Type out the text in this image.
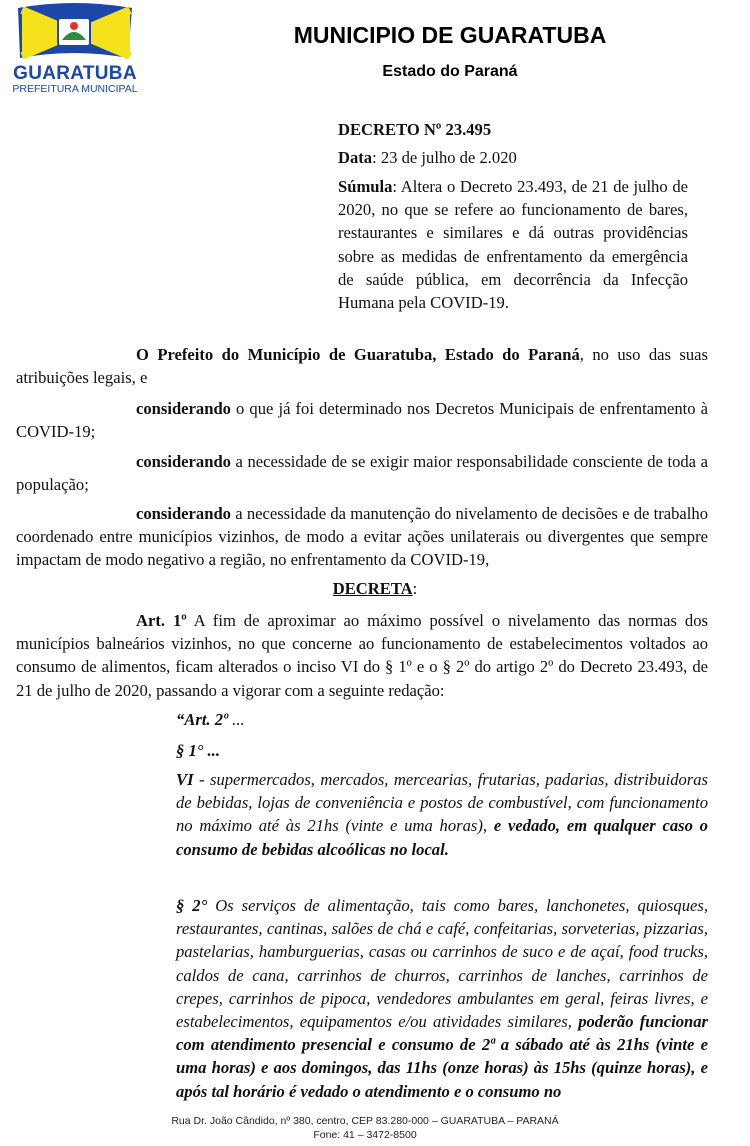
GUARATUBA
PREFEITURA MUNICIPAL
MUNICIPIO DE GUARATUBA
Estado do Paraná
DECRETO Nº 23.495
Data: 23 de julho de 2.020
Súmula: Altera o Decreto 23.493, de 21 de julho de 2020, no que se refere ao funcionamento de bares, restaurantes e similares e dá outras providências sobre as medidas de enfrentamento da emergência de saúde pública, em decorrência da Infecção Humana pela COVID-19.
O Prefeito do Município de Guaratuba, Estado do Paraná, no uso das suas atribuições legais, e
considerando o que já foi determinado nos Decretos Municipais de enfrentamento à COVID-19;
considerando a necessidade de se exigir maior responsabilidade consciente de toda a população;
considerando a necessidade da manutenção do nivelamento de decisões e de trabalho coordenado entre municípios vizinhos, de modo a evitar ações unilaterais ou divergentes que sempre impactam de modo negativo a região, no enfrentamento da COVID-19,
DECRETA:
Art. 1º A fim de aproximar ao máximo possível o nivelamento das normas dos municípios balneários vizinhos, no que concerne ao funcionamento de estabelecimentos voltados ao consumo de alimentos, ficam alterados o inciso VI do § 1º e o § 2º do artigo 2º do Decreto 23.493, de 21 de julho de 2020, passando a vigorar com a seguinte redação:
“Art. 2º ...
§ 1° ...
VI - supermercados, mercados, mercearias, frutarias, padarias, distribuidoras de bebidas, lojas de conveniência e postos de combustível, com funcionamento no máximo até às 21hs (vinte e uma horas), e vedado, em qualquer caso o consumo de bebidas alcoólicas no local.
§ 2° Os serviços de alimentação, tais como bares, lanchonetes, quiosques, restaurantes, cantinas, salões de chá e café, confeitarias, sorveterias, pizzarias, pastelarias, hamburguerias, casas ou carrinhos de suco e de açaí, food trucks, caldos de cana, carrinhos de churros, carrinhos de lanches, carrinhos de crepes, carrinhos de pipoca, vendedores ambulantes em geral, feiras livres, e estabelecimentos, equipamentos e/ou atividades similares, poderão funcionar com atendimento presencial e consumo de 2ª a sábado até às 21hs (vinte e uma horas) e aos domingos, das 11hs (onze horas) às 15hs (quinze horas), e após tal horário é vedado o atendimento e o consumo no
Rua Dr. João Cândido, nº 380, centro, CEP 83.280-000 – GUARATUBA – PARANÁ
Fone: 41 – 3472-8500
